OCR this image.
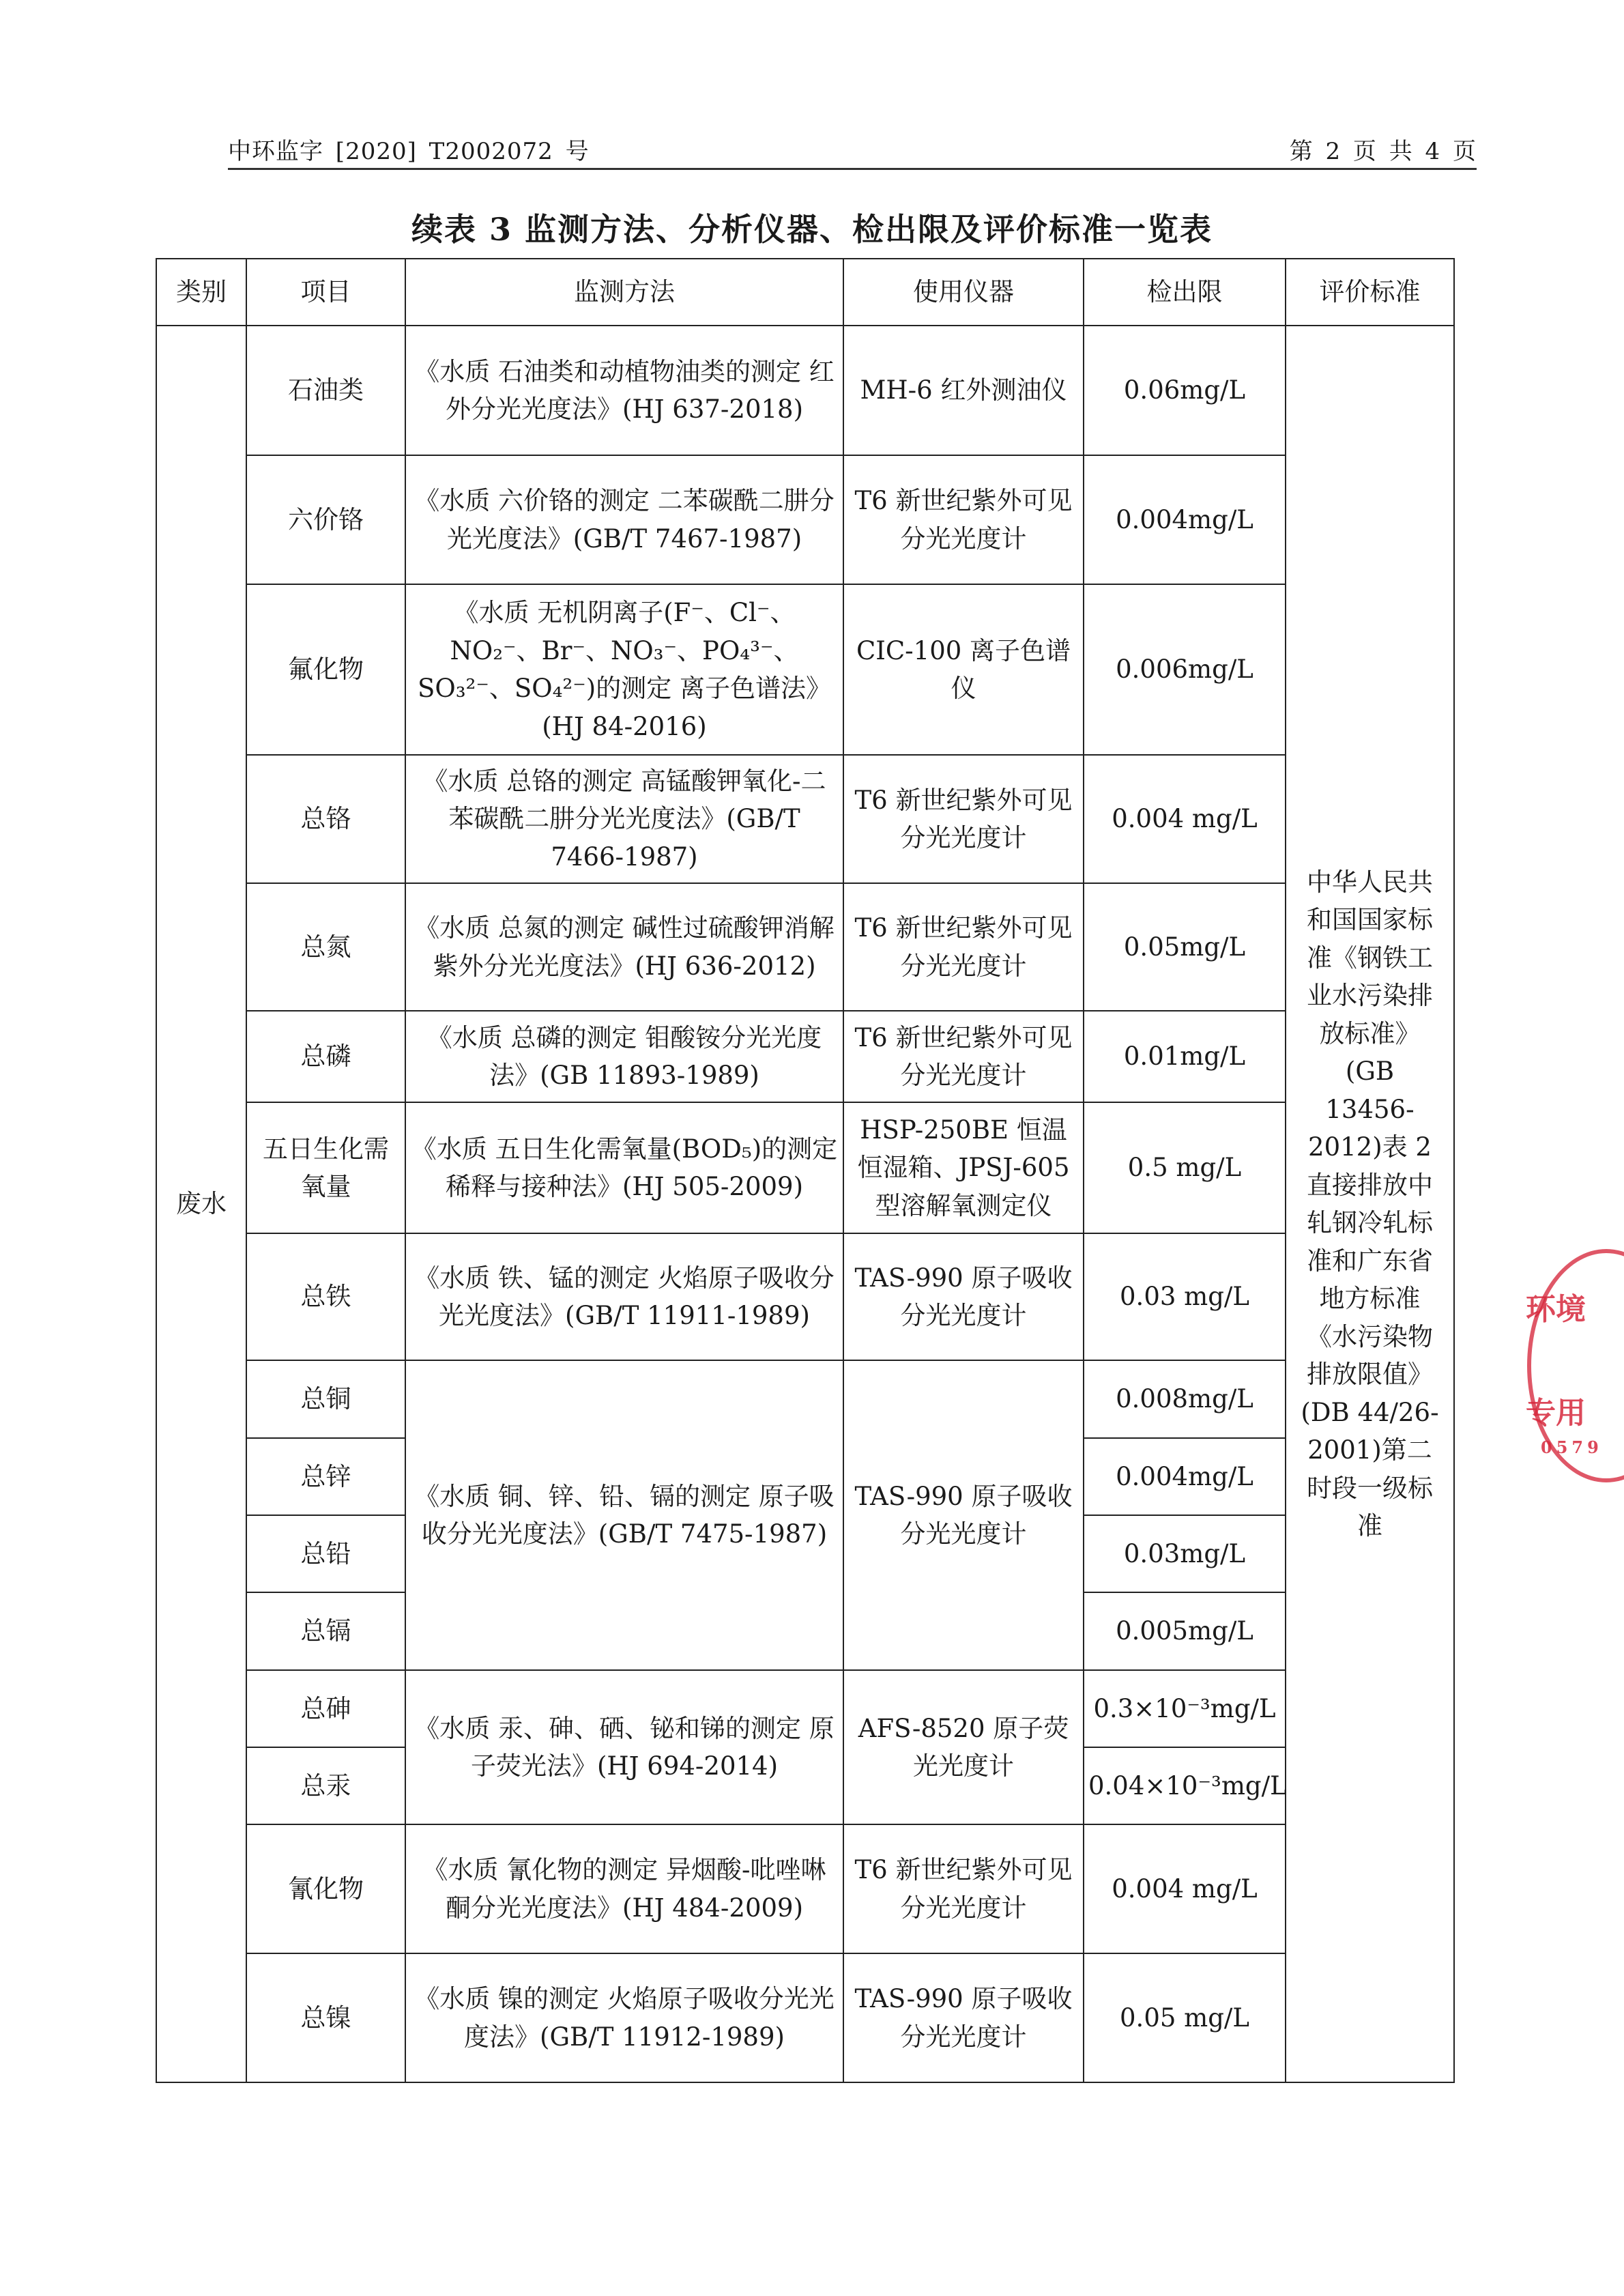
中环监字 [2020] T2002072 号	第 2 页 共 4 页
续表 3 监测方法、分析仪器、检出限及评价标准一览表
类别	项目	监测方法	使用仪器	检出限	评价标准
废水	石油类	《水质 石油类和动植物油类的测定 红外分光光度法》(HJ 637-2018)	MH-6 红外测油仪	0.06mg/L	中华人民共和国国家标准《钢铁工业水污染排放标准》(GB 13456-2012)表 2 直接排放中轧钢冷轧标准和广东省地方标准《水污染物排放限值》(DB 44/26-2001)第二时段一级标准
	六价铬	《水质 六价铬的测定 二苯碳酰二肼分光光度法》(GB/T 7467-1987)	T6 新世纪紫外可见分光光度计	0.004mg/L	
	氟化物	《水质 无机阴离子(F⁻、Cl⁻、NO₂⁻、Br⁻、NO₃⁻、PO₄³⁻、SO₃²⁻、SO₄²⁻)的测定 离子色谱法》(HJ 84-2016)	CIC-100 离子色谱仪	0.006mg/L	
	总铬	《水质 总铬的测定 高锰酸钾氧化-二苯碳酰二肼分光光度法》(GB/T 7466-1987)	T6 新世纪紫外可见分光光度计	0.004 mg/L	
	总氮	《水质 总氮的测定 碱性过硫酸钾消解紫外分光光度法》(HJ 636-2012)	T6 新世纪紫外可见分光光度计	0.05mg/L	
	总磷	《水质 总磷的测定 钼酸铵分光光度法》(GB 11893-1989)	T6 新世纪紫外可见分光光度计	0.01mg/L	
	五日生化需氧量	《水质 五日生化需氧量(BOD₅)的测定 稀释与接种法》(HJ 505-2009)	HSP-250BE 恒温恒湿箱、JPSJ-605 型溶解氧测定仪	0.5 mg/L	
	总铁	《水质 铁、锰的测定 火焰原子吸收分光光度法》(GB/T 11911-1989)	TAS-990 原子吸收分光光度计	0.03 mg/L	
	总铜	《水质 铜、锌、铅、镉的测定 原子吸收分光光度法》(GB/T 7475-1987)	TAS-990 原子吸收分光光度计	0.008mg/L	
	总锌			0.004mg/L	
	总铅			0.03mg/L	
	总镉			0.005mg/L	
	总砷	《水质 汞、砷、硒、铋和锑的测定 原子荧光法》(HJ 694-2014)	AFS-8520 原子荧光光度计	0.3×10⁻³mg/L	
	总汞			0.04×10⁻³mg/L	
	氰化物	《水质 氰化物的测定 异烟酸-吡唑啉酮分光光度法》(HJ 484-2009)	T6 新世纪紫外可见分光光度计	0.004 mg/L	
	总镍	《水质 镍的测定 火焰原子吸收分光光度法》(GB/T 11912-1989)	TAS-990 原子吸收分光光度计	0.05 mg/L	
环境
专用
0579
